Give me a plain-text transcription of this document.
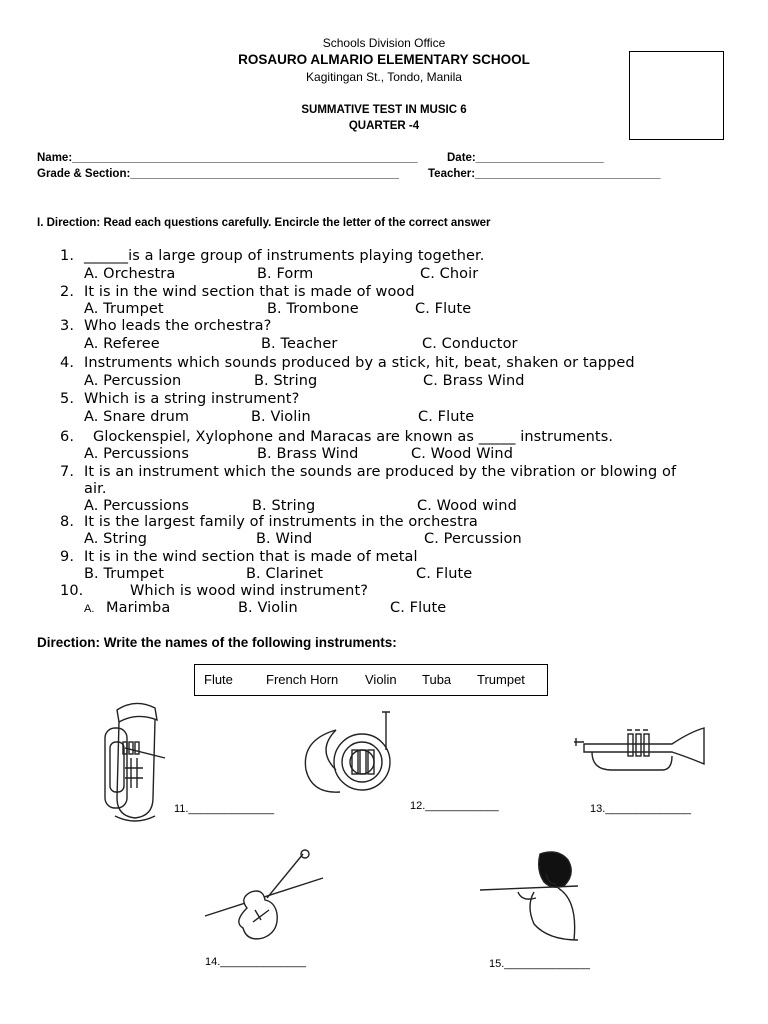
Schools Division Office
ROSAURO ALMARIO ELEMENTARY SCHOOL
Kagitingan St., Tondo, Manila
SUMMATIVE TEST IN MUSIC 6
QUARTER -4
Name:______________________________________________________	Date:____________________
Grade & Section:__________________________________________	Teacher:_____________________________
I. Direction: Read each questions carefully. Encircle the letter of the correct answer
1. ______is a large group of instruments playing together.
A. Orchestra	B. Form	C. Choir
2. It is in the wind section that is made of wood
A. Trumpet	B. Trombone	C. Flute
3. Who leads the orchestra?
A. Referee	B. Teacher	C. Conductor
4. Instruments which sounds produced by a stick, hit, beat, shaken or tapped
A. Percussion	B. String	C. Brass Wind
5. Which is a string instrument?
A. Snare drum	B. Violin	C. Flute
6. Glockenspiel, Xylophone and Maracas are known as _____ instruments.
A. Percussions	B. Brass Wind	C. Wood Wind
7. It is an instrument which the sounds are produced by the vibration or blowing of
air.
A. Percussions	B. String	C. Wood wind
8. It is the largest family of instruments in the orchestra
A. String	B. Wind	C. Percussion
9. It is in the wind section that is made of metal
B. Trumpet	B. Clarinet	C. Flute
10.	Which is wood wind instrument?
A. Marimba	B. Violin	C. Flute
Direction: Write the names of the following instruments:
Flute	French Horn Violin Tuba Trumpet
11.______________	12.____________	13.______________
14.______________	15.______________
